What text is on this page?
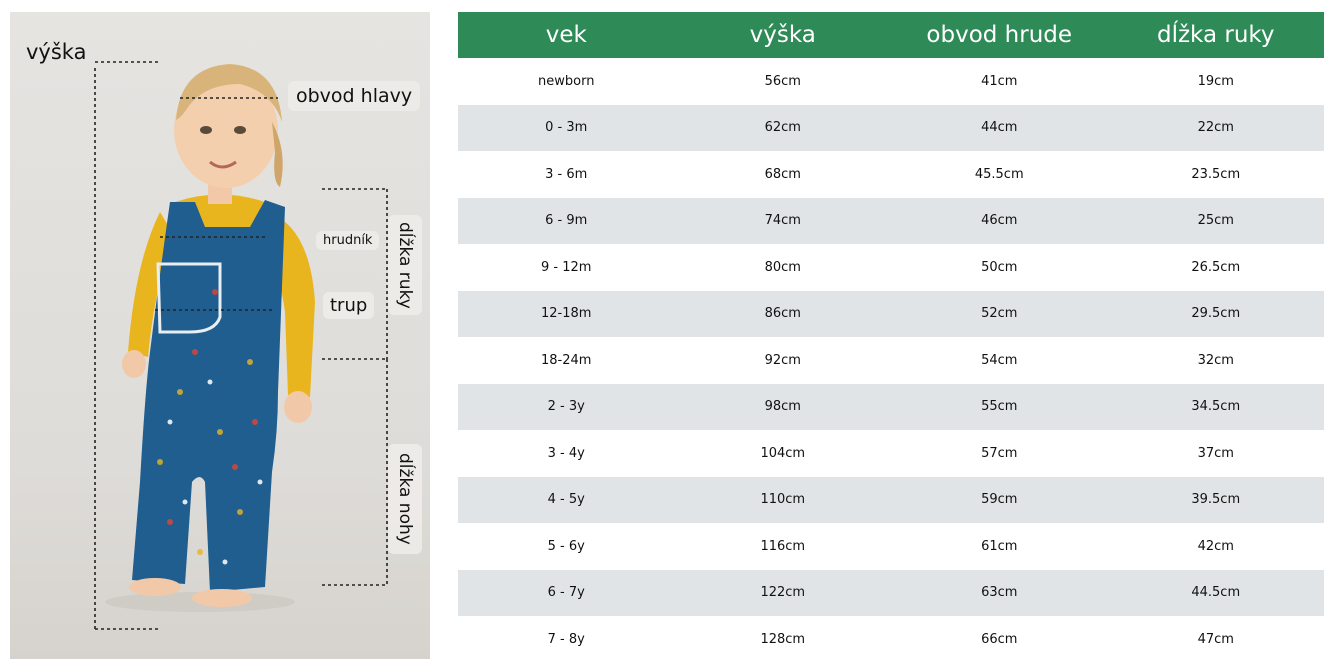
výška
obvod hlavy
hrudník
trup	dĺžka ruky
dĺžka nohy
vek	výška	obvod hrude	dĺžka ruky
newborn	56cm	41cm	19cm
0 - 3m	62cm	44cm	22cm
3 - 6m	68cm	45.5cm	23.5cm
6 - 9m	74cm	46cm	25cm
9 - 12m	80cm	50cm	26.5cm
12-18m	86cm	52cm	29.5cm
18-24m	92cm	54cm	32cm
2 - 3y	98cm	55cm	34.5cm
3 - 4y	104cm	57cm	37cm
4 - 5y	110cm	59cm	39.5cm
5 - 6y	116cm	61cm	42cm
6 - 7y	122cm	63cm	44.5cm
7 - 8y	128cm	66cm	47cm
